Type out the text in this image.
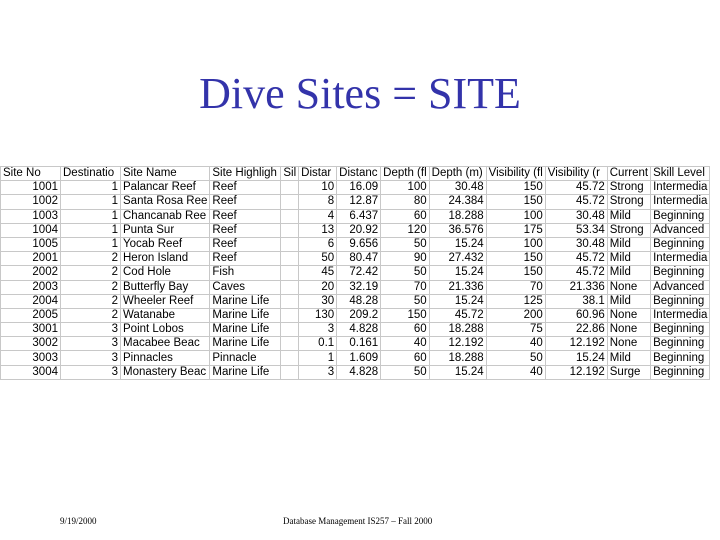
Dive Sites = SITE
Site No	Destinatio	Site Name	Site Highligh	Sil	Distar	Distanc	Depth (fl	Depth (m)	Visibility (fl	Visibility (r	Current	Skill Level
1001	1	Palancar Reef	Reef		10	16.09	100	30.48	150	45.72	Strong	Intermedia
1002	1	Santa Rosa Ree	Reef		8	12.87	80	24.384	150	45.72	Strong	Intermedia
1003	1	Chancanab Ree	Reef		4	6.437	60	18.288	100	30.48	Mild	Beginning
1004	1	Punta Sur	Reef		13	20.92	120	36.576	175	53.34	Strong	Advanced
1005	1	Yocab Reef	Reef		6	9.656	50	15.24	100	30.48	Mild	Beginning
2001	2	Heron Island	Reef		50	80.47	90	27.432	150	45.72	Mild	Intermedia
2002	2	Cod Hole	Fish		45	72.42	50	15.24	150	45.72	Mild	Beginning
2003	2	Butterfly Bay	Caves		20	32.19	70	21.336	70	21.336	None	Advanced
2004	2	Wheeler Reef	Marine Life		30	48.28	50	15.24	125	38.1	Mild	Beginning
2005	2	Watanabe	Marine Life		130	209.2	150	45.72	200	60.96	None	Intermedia
3001	3	Point Lobos	Marine Life		3	4.828	60	18.288	75	22.86	None	Beginning
3002	3	Macabee Beac	Marine Life		0.1	0.161	40	12.192	40	12.192	None	Beginning
3003	3	Pinnacles	Pinnacle		1	1.609	60	18.288	50	15.24	Mild	Beginning
3004	3	Monastery Beac	Marine Life		3	4.828	50	15.24	40	12.192	Surge	Beginning
9/19/2000	Database Management IS257 – Fall 2000
